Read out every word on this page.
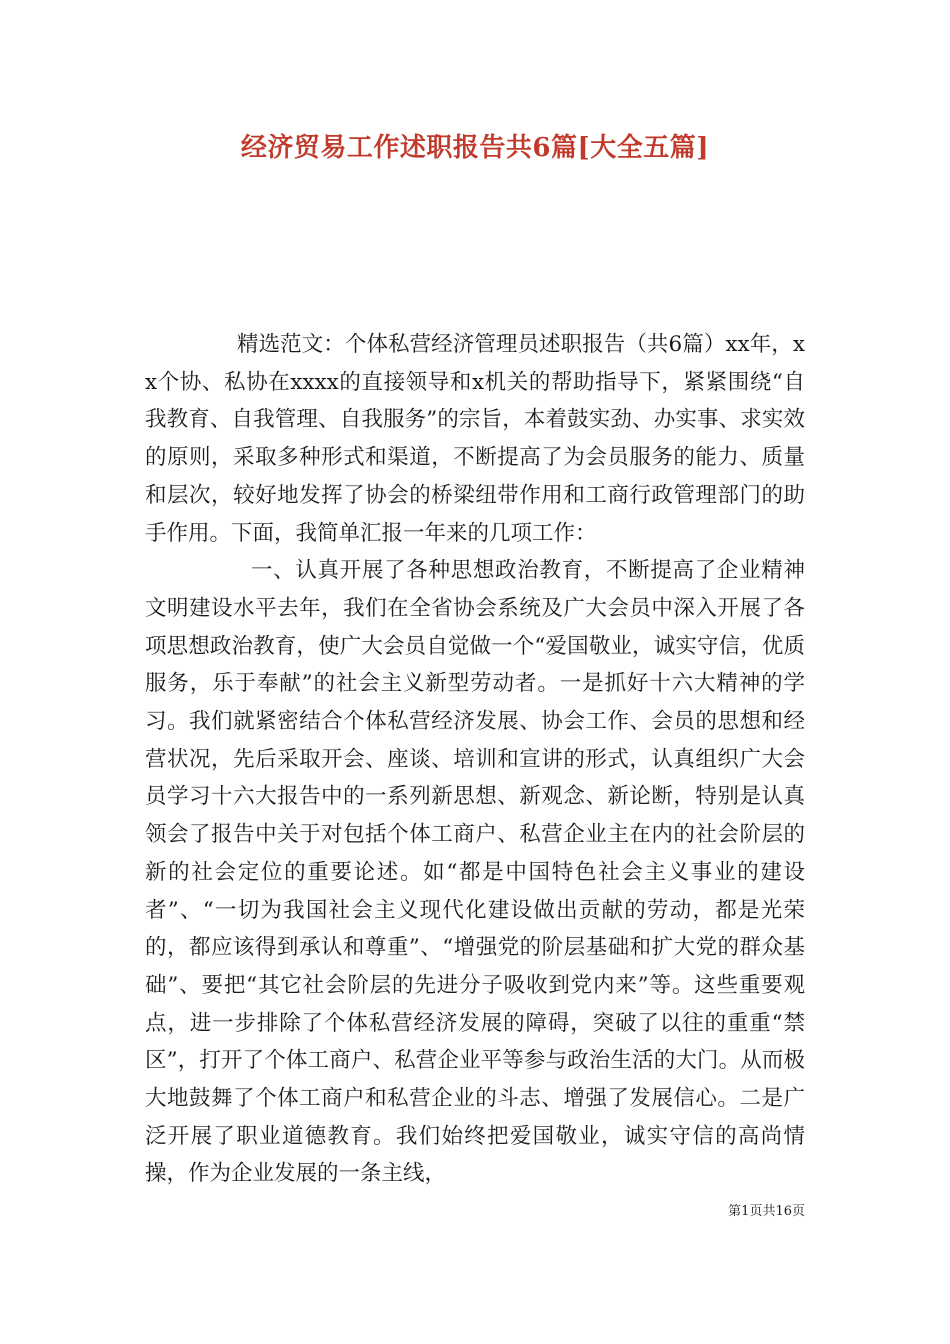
经济贸易工作述职报告共6篇[大全五篇]

精选范文：个体私营经济管理员述职报告（共6篇）xx年，xx个协、私协在xxxx的直接领导和x机关的帮助指导下，紧紧围绕“自我教育、自我管理、自我服务”的宗旨，本着鼓实劲、办实事、求实效的原则，采取多种形式和渠道，不断提高了为会员服务的能力、质量和层次，较好地发挥了协会的桥梁纽带作用和工商行政管理部门的助手作用。下面，我简单汇报一年来的几项工作：

一、认真开展了各种思想政治教育，不断提高了企业精神文明建设水平去年，我们在全省协会系统及广大会员中深入开展了各项思想政治教育，使广大会员自觉做一个“爱国敬业，诚实守信，优质服务，乐于奉献”的社会主义新型劳动者。一是抓好十六大精神的学习。我们就紧密结合个体私营经济发展、协会工作、会员的思想和经营状况，先后采取开会、座谈、培训和宣讲的形式，认真组织广大会员学习十六大报告中的一系列新思想、新观念、新论断，特别是认真领会了报告中关于对包括个体工商户、私营企业主在内的社会阶层的新的社会定位的重要论述。如“都是中国特色社会主义事业的建设者”、“一切为我国社会主义现代化建设做出贡献的劳动，都是光荣的，都应该得到承认和尊重”、“增强党的阶层基础和扩大党的群众基础”、要把“其它社会阶层的先进分子吸收到党内来”等。这些重要观点，进一步排除了个体私营经济发展的障碍，突破了以往的重重“禁区”，打开了个体工商户、私营企业平等参与政治生活的大门。从而极大地鼓舞了个体工商户和私营企业的斗志、增强了发展信心。二是广泛开展了职业道德教育。我们始终把爱国敬业，诚实守信的高尚情操，作为企业发展的一条主线，

第1页共16页
